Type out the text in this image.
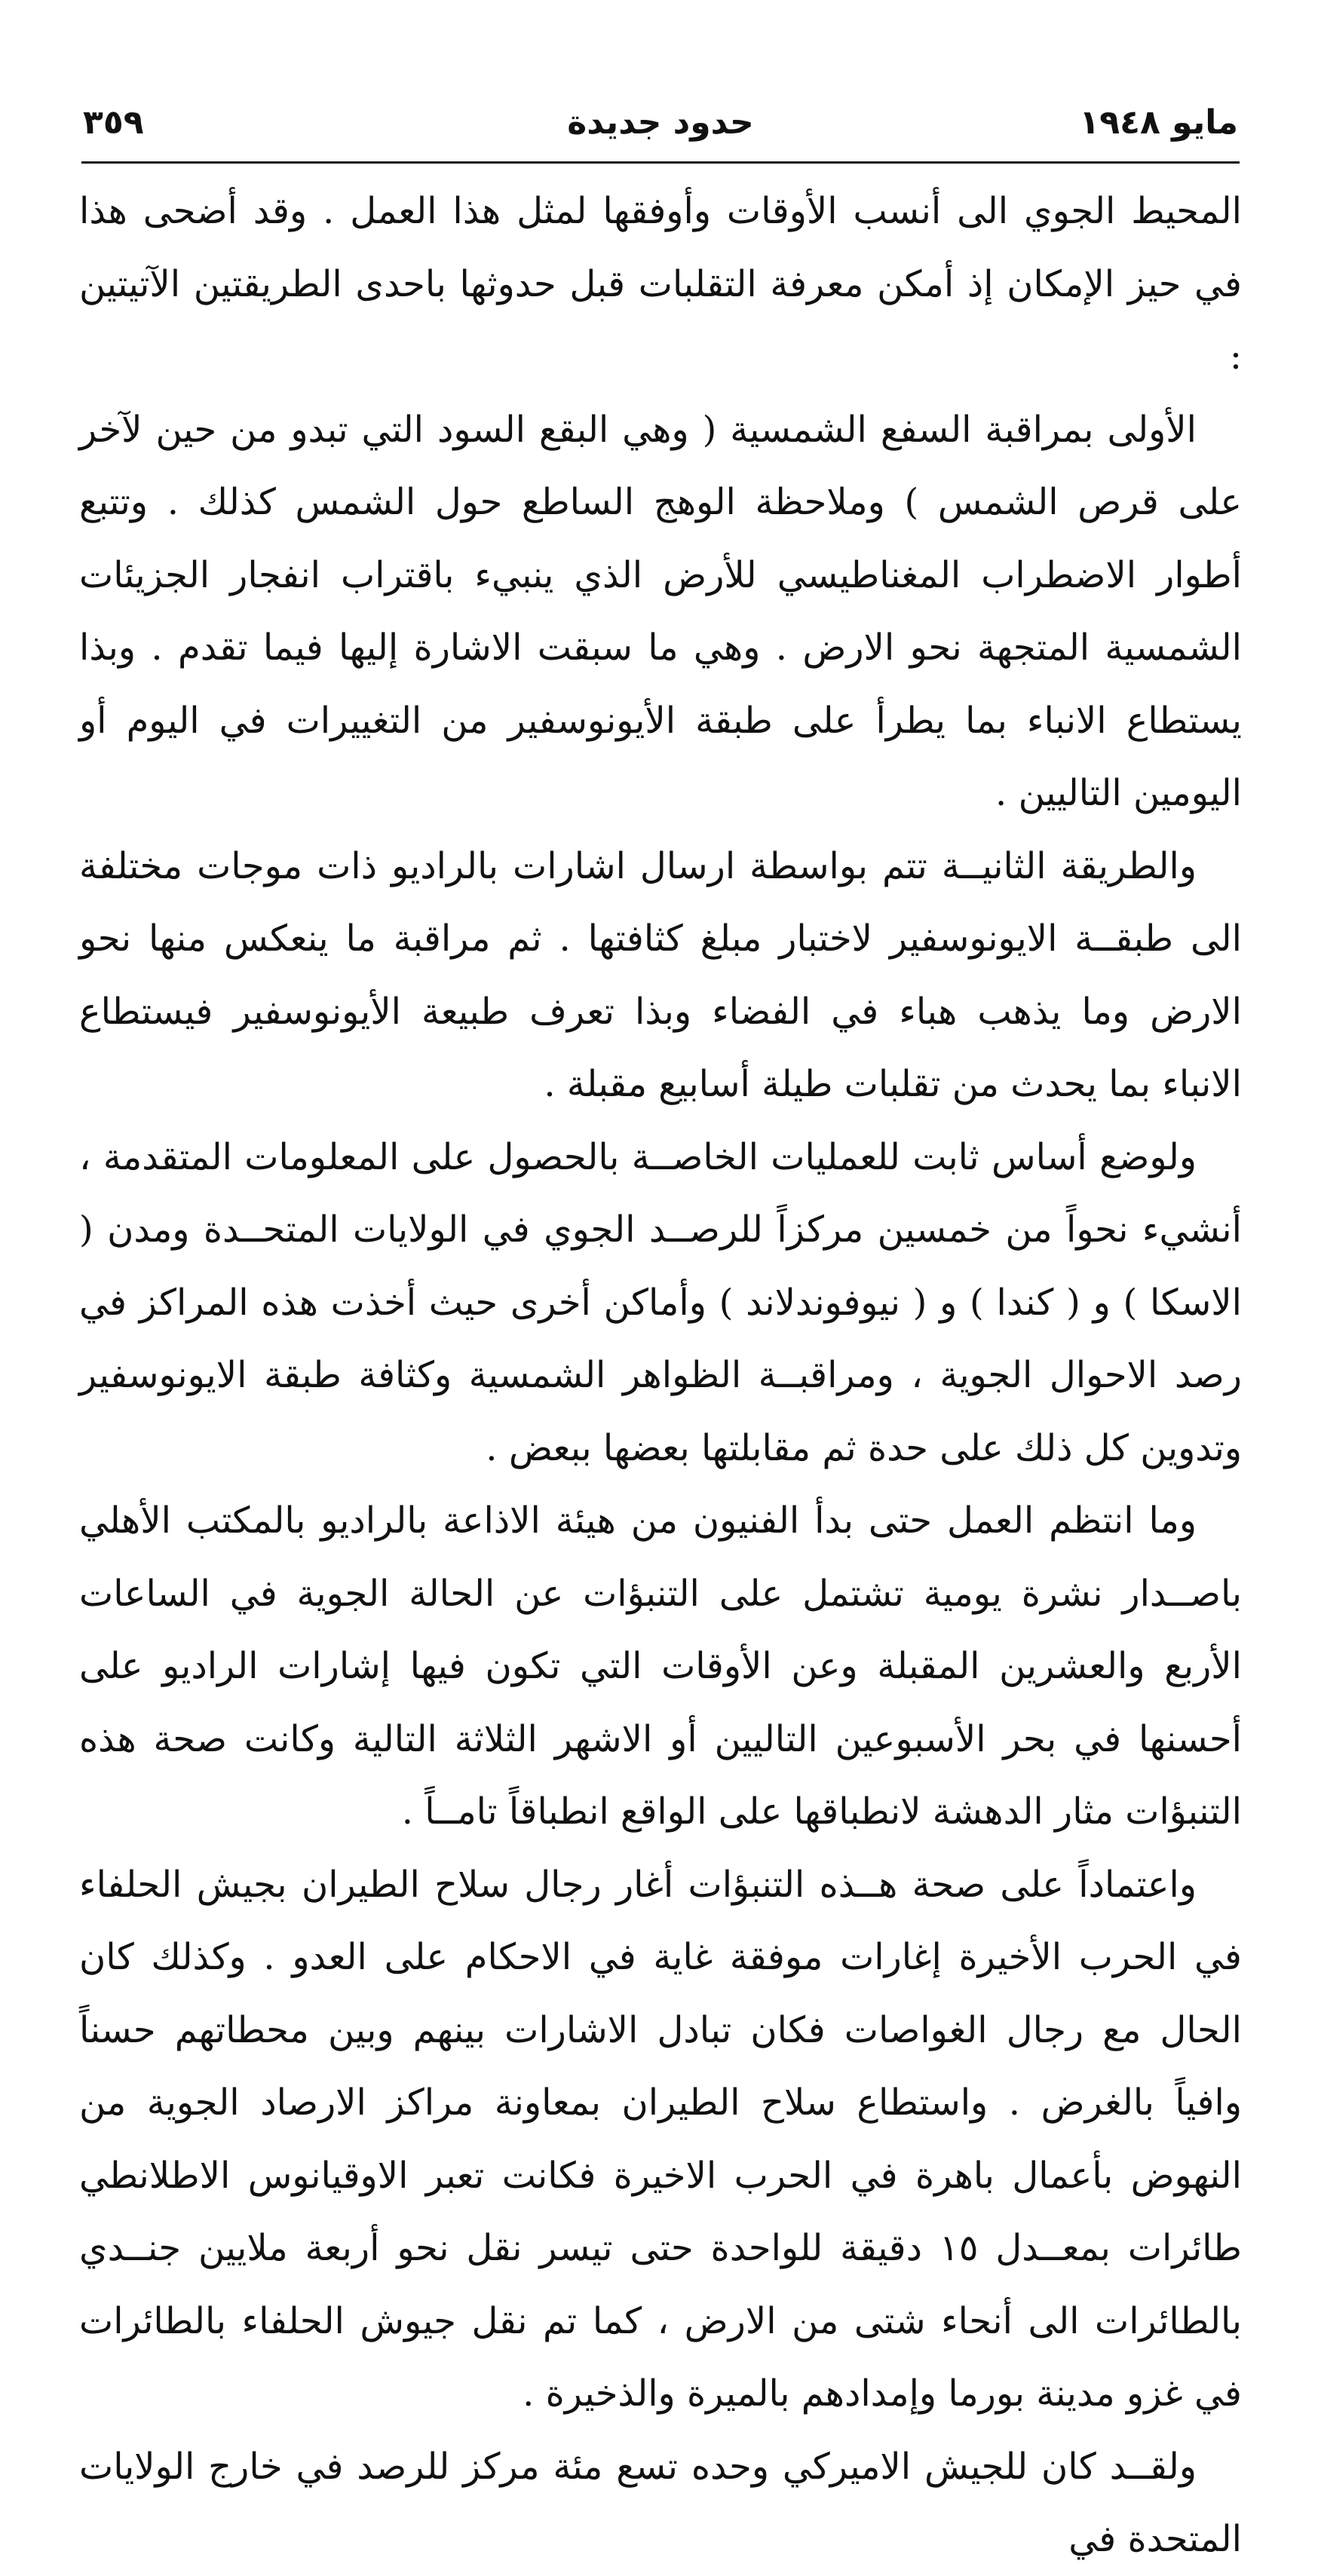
مايو ١٩٤٨
حدود جديدة
٣٥٩

المحيط الجوي الى أنسب الأوقات وأوفقها لمثل هذا العمل . وقد أضحى هذا في حيز الإمكان إذ أمكن معرفة التقلبات قبل حدوثها باحدى الطريقتين الآتيتين :

الأولى بمراقبة السفع الشمسية ( وهي البقع السود التي تبدو من حين لآخر على قرص الشمس ) وملاحظة الوهج الساطع حول الشمس كذلك . وتتبع أطوار الاضطراب المغناطيسي للأرض الذي ينبيء باقتراب انفجار الجزيئات الشمسية المتجهة نحو الارض . وهي ما سبقت الاشارة إليها فيما تقدم . وبذا يستطاع الانباء بما يطرأ على طبقة الأيونوسفير من التغييرات في اليوم أو اليومين التاليين .

والطريقة الثانيــة تتم بواسطة ارسال اشارات بالراديو ذات موجات مختلفة الى طبقــة الايونوسفير لاختبار مبلغ كثافتها . ثم مراقبة ما ينعكس منها نحو الارض وما يذهب هباء في الفضاء وبذا تعرف طبيعة الأيونوسفير فيستطاع الانباء بما يحدث من تقلبات طيلة أسابيع مقبلة .

ولوضع أساس ثابت للعمليات الخاصــة بالحصول على المعلومات المتقدمة ، أنشيء نحواً من خمسين مركزاً للرصــد الجوي في الولايات المتحــدة ومدن ( الاسكا ) و ( كندا ) و ( نيوفوندلاند ) وأماكن أخرى حيث أخذت هذه المراكز في رصد الاحوال الجوية ، ومراقبــة الظواهر الشمسية وكثافة طبقة الايونوسفير وتدوين كل ذلك على حدة ثم مقابلتها بعضها ببعض .

وما انتظم العمل حتى بدأ الفنيون من هيئة الاذاعة بالراديو بالمكتب الأهلي باصــدار نشرة يومية تشتمل على التنبؤات عن الحالة الجوية في الساعات الأربع والعشرين المقبلة وعن الأوقات التي تكون فيها إشارات الراديو على أحسنها في بحر الأسبوعين التاليين أو الاشهر الثلاثة التالية وكانت صحة هذه التنبؤات مثار الدهشة لانطباقها على الواقع انطباقاً تامــاً .

واعتماداً على صحة هــذه التنبؤات أغار رجال سلاح الطيران بجيش الحلفاء في الحرب الأخيرة إغارات موفقة غاية في الاحكام على العدو . وكذلك كان الحال مع رجال الغواصات فكان تبادل الاشارات بينهم وبين محطاتهم حسناً وافياً بالغرض . واستطاع سلاح الطيران بمعاونة مراكز الارصاد الجوية من النهوض بأعمال باهرة في الحرب الاخيرة فكانت تعبر الاوقيانوس الاطلانطي طائرات بمعــدل ١٥ دقيقة للواحدة حتى تيسر نقل نحو أربعة ملايين جنــدي بالطائرات الى أنحاء شتى من الارض ، كما تم نقل جيوش الحلفاء بالطائرات في غزو مدينة بورما وإمدادهم بالميرة والذخيرة .

ولقــد كان للجيش الاميركي وحده تسع مئة مركز للرصد في خارج الولايات المتحدة في
